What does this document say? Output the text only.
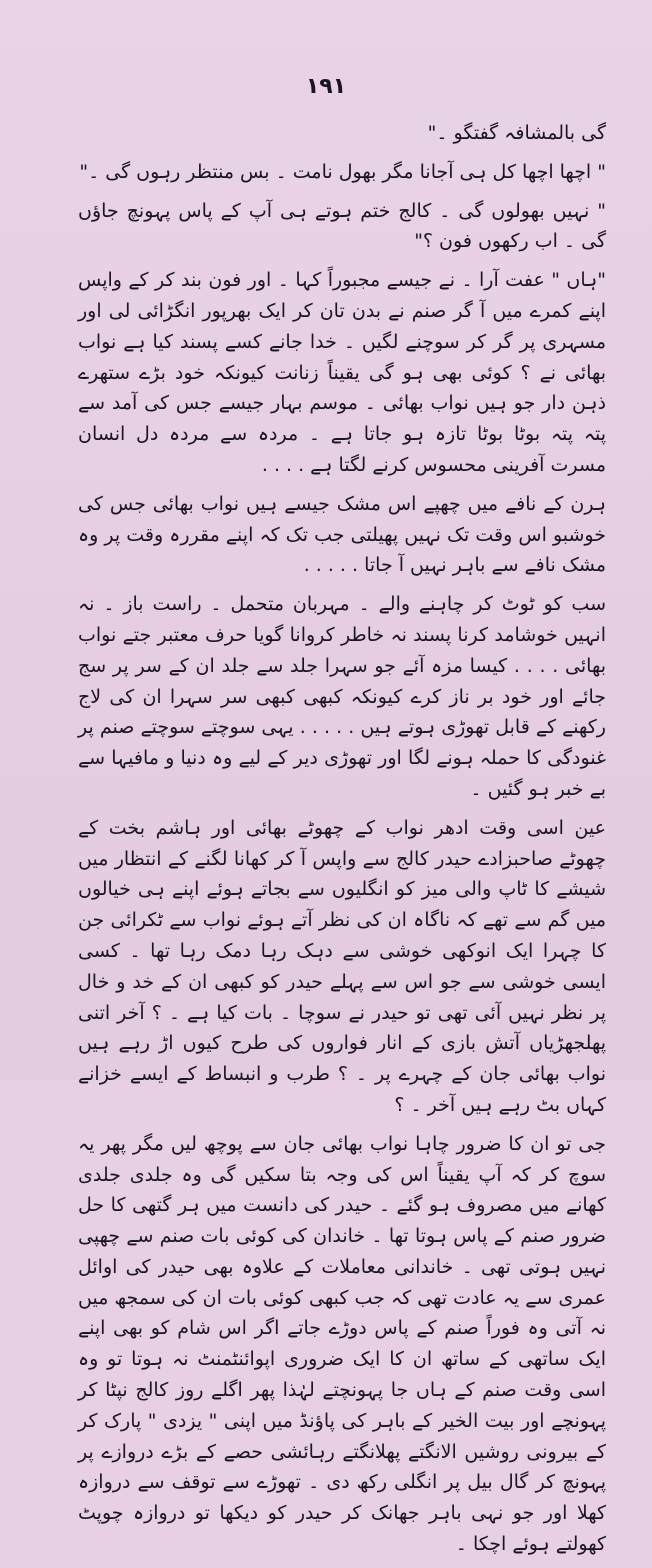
۱۹۱

گی بالمشافہ گفتگو ۔"

" اچھا اچھا کل ہی آجانا مگر بھول نامت ۔ بس منتظر رہوں گی ۔"

" نہیں بھولوں گی ۔ کالج ختم ہوتے ہی آپ کے پاس پہونچ جاؤں گی ۔ اب رکھوں فون ؟"

"ہاں " عفت آرا ۔ نے جیسے مجبوراً کہا ۔ اور فون بند کر کے واپس اپنے کمرے میں آ گر صنم نے بدن تان کر ایک بھرپور انگڑائی لی اور مسہری پر گر کر سوچنے لگیں ۔ خدا جانے کسے پسند کیا ہے نواب بھائی نے ؟ کوئی بھی ہو گی یقیناً زنانت کیونکہ خود بڑے ستھرے ذہن دار جو ہیں نواب بھائی ۔ موسم بہار جیسے جس کی آمد سے پتہ پتہ بوٹا بوٹا تازہ ہو جاتا ہے ۔ مردہ سے مردہ دل انسان مسرت آفرینی محسوس کرنے لگتا ہے . . . .

ہرن کے نافے میں چھپے اس مشک جیسے ہیں نواب بھائی جس کی خوشبو اس وقت تک نہیں پھیلتی جب تک کہ اپنے مقررہ وقت پر وہ مشک نافے سے باہر نہیں آ جاتا . . . . .

سب کو ٹوٹ کر چاہنے والے ۔ مہربان متحمل ۔ راست باز ۔ نہ انہیں خوشامد کرنا پسند نہ خاطر کروانا گویا حرف معتبر جتے نواب بھائی . . . . کیسا مزہ آئے جو سہرا جلد سے جلد ان کے سر پر سج جائے اور خود بر ناز کرے کیونکہ کبھی کبھی سر سہرا ان کی لاج رکھنے کے قابل تھوڑی ہوتے ہیں . . . . . یہی سوچتے سوچتے صنم پر غنودگی کا حملہ ہونے لگا اور تھوڑی دیر کے لیے وہ دنیا و مافیہا سے بے خبر ہو گئیں ۔

عین اسی وقت ادھر نواب کے چھوٹے بھائی اور ہاشم بخت کے چھوٹے صاحبزادے حیدر کالج سے واپس آ کر کھانا لگنے کے انتظار میں شیشے کا ٹاپ والی میز کو انگلیوں سے بجاتے ہوئے اپنے ہی خیالوں میں گم سے تھے کہ ناگاہ ان کی نظر آتے ہوئے نواب سے ٹکرائی جن کا چہرا ایک انوکھی خوشی سے دہک رہا دمک رہا تھا ۔ کسی ایسی خوشی سے جو اس سے پہلے حیدر کو کبھی ان کے خد و خال پر نظر نہیں آئی تھی تو حیدر نے سوچا ۔ بات کیا ہے ۔ ؟ آخر اتنی پھلجھڑیاں آتش بازی کے انار فواروں کی طرح کیوں اڑ رہے ہیں نواب بھائی جان کے چہرے پر ۔ ؟ طرب و انبساط کے ایسے خزانے کہاں بٹ رہے ہیں آخر ۔ ؟

جی تو ان کا ضرور چاہا نواب بھائی جان سے پوچھ لیں مگر پھر یہ سوچ کر کہ آپ یقیناً اس کی وجہ بتا سکیں گی وہ جلدی جلدی کھانے میں مصروف ہو گئے ۔ حیدر کی دانست میں ہر گتھی کا حل ضرور صنم کے پاس ہوتا تھا ۔ خاندان کی کوئی بات صنم سے چھپی نہیں ہوتی تھی ۔ خاندانی معاملات کے علاوہ بھی حیدر کی اوائل عمری سے یہ عادت تھی کہ جب کبھی کوئی بات ان کی سمجھ میں نہ آتی وہ فوراً صنم کے پاس دوڑے جاتے اگر اس شام کو بھی اپنے ایک ساتھی کے ساتھ ان کا ایک ضروری اپوائنٹمنٹ نہ ہوتا تو وہ اسی وقت صنم کے ہاں جا پہونچتے لہٰذا پھر اگلے روز کالج نپٹا کر پہونچے اور بیت الخیر کے باہر کی پاؤنڈ میں اپنی " یزدی " پارک کر کے بیرونی روشیں الانگتے پھلانگتے رہائشی حصے کے بڑے دروازے پر پہونچ کر گال بیل پر انگلی رکھ دی ۔ تھوڑے سے توقف سے دروازہ کھلا اور جو نہی باہر جھانک کر حیدر کو دیکھا تو دروازہ چوپٹ کھولتے ہوئے اچکا ۔
